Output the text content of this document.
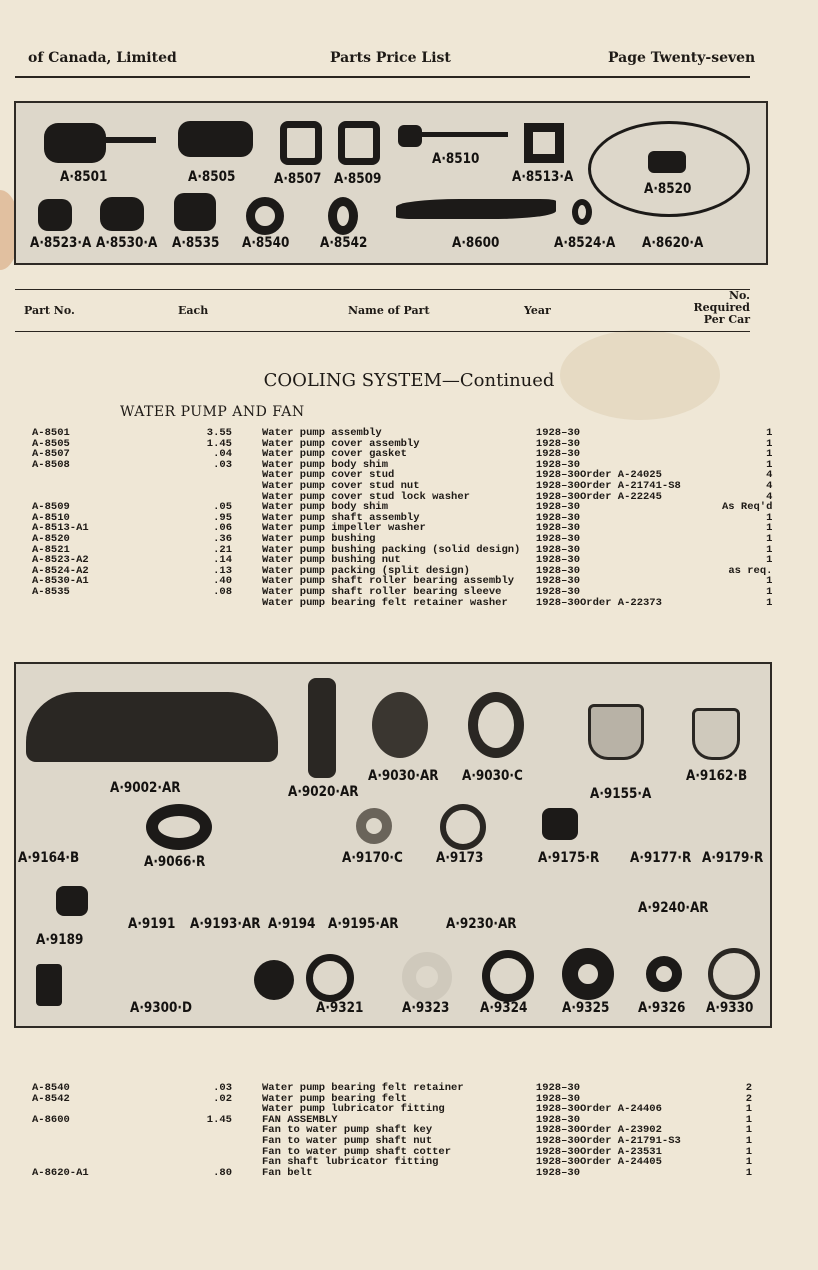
of Canada, Limited	Parts Price List	Page Twenty-seven
A·8501	A·8505	A·8507 A·8509
A·8510
A·8513·A
A·8520
A·8523·A A·8530·A A·8535 A·8540 A·8542	A·8600	A·8524·A A·8620·A
Part No.	Each	Name of Part	Year
No. Required Per Car
COOLING SYSTEM—Continued
WATER PUMP AND FAN
A-8501	3.55	Water pump assembly 1928–30		1
A-8505	1.45	Water pump cover assembly 1928–30		1
A-8507	.04	Water pump cover gasket 1928–30		1
A-8508	.03	Water pump body shim 1928–30		1
		Water pump cover stud 1928–30	Order A-24025	4
		Water pump cover stud nut 1928–30	Order A-21741-S8	4
		Water pump cover stud lock washer 1928–30	Order A-22245	4
A-8509	.05	Water pump body shim 1928–30		As Req'd
A-8510	.95	Water pump shaft assembly 1928–30		1
A-8513-A1	.06	Water pump impeller washer 1928–30		1
A-8520	.36	Water pump bushing 1928–30		1
A-8521	.21	Water pump bushing packing (solid design) 1928–30		1
A-8523-A2	.14	Water pump bushing nut 1928–30		1
A-8524-A2	.13	Water pump packing (split design) 1928–30		as req.
A-8530-A1	.40	Water pump shaft roller bearing assembly 1928–30		1
A-8535	.08	Water pump shaft roller bearing sleeve 1928–30		1
		Water pump bearing felt retainer washer 1928–30	Order A-22373	1
A·9002·AR	A·9020·AR
A·9030·AR A·9030·C
A·9155·A
A·9162·B
A·9164·B	A·9066·R	A·9170·C A·9173	A·9175·R A·9177·R A·9179·R
A·9189
A·9191 A·9193·AR A·9194 A·9195·AR	A·9230·AR
A·9240·AR
A·9300·D	A·9321	A·9323 A·9324 A·9325 A·9326 A·9330
A-8540	.03	Water pump bearing felt retainer 1928–30		2
A-8542	.02	Water pump bearing felt 1928–30		2
		Water pump lubricator fitting 1928–30	Order A-24406	1
A-8600	1.45	FAN ASSEMBLY 1928–30		1
		Fan to water pump shaft key 1928–30	Order A-23902	1
		Fan to water pump shaft nut 1928–30	Order A-21791-S3	1
		Fan to water pump shaft cotter 1928–30	Order A-23531	1
		Fan shaft lubricator fitting 1928–30	Order A-24405	1
A-8620-A1	.80	Fan belt 1928–30		1
